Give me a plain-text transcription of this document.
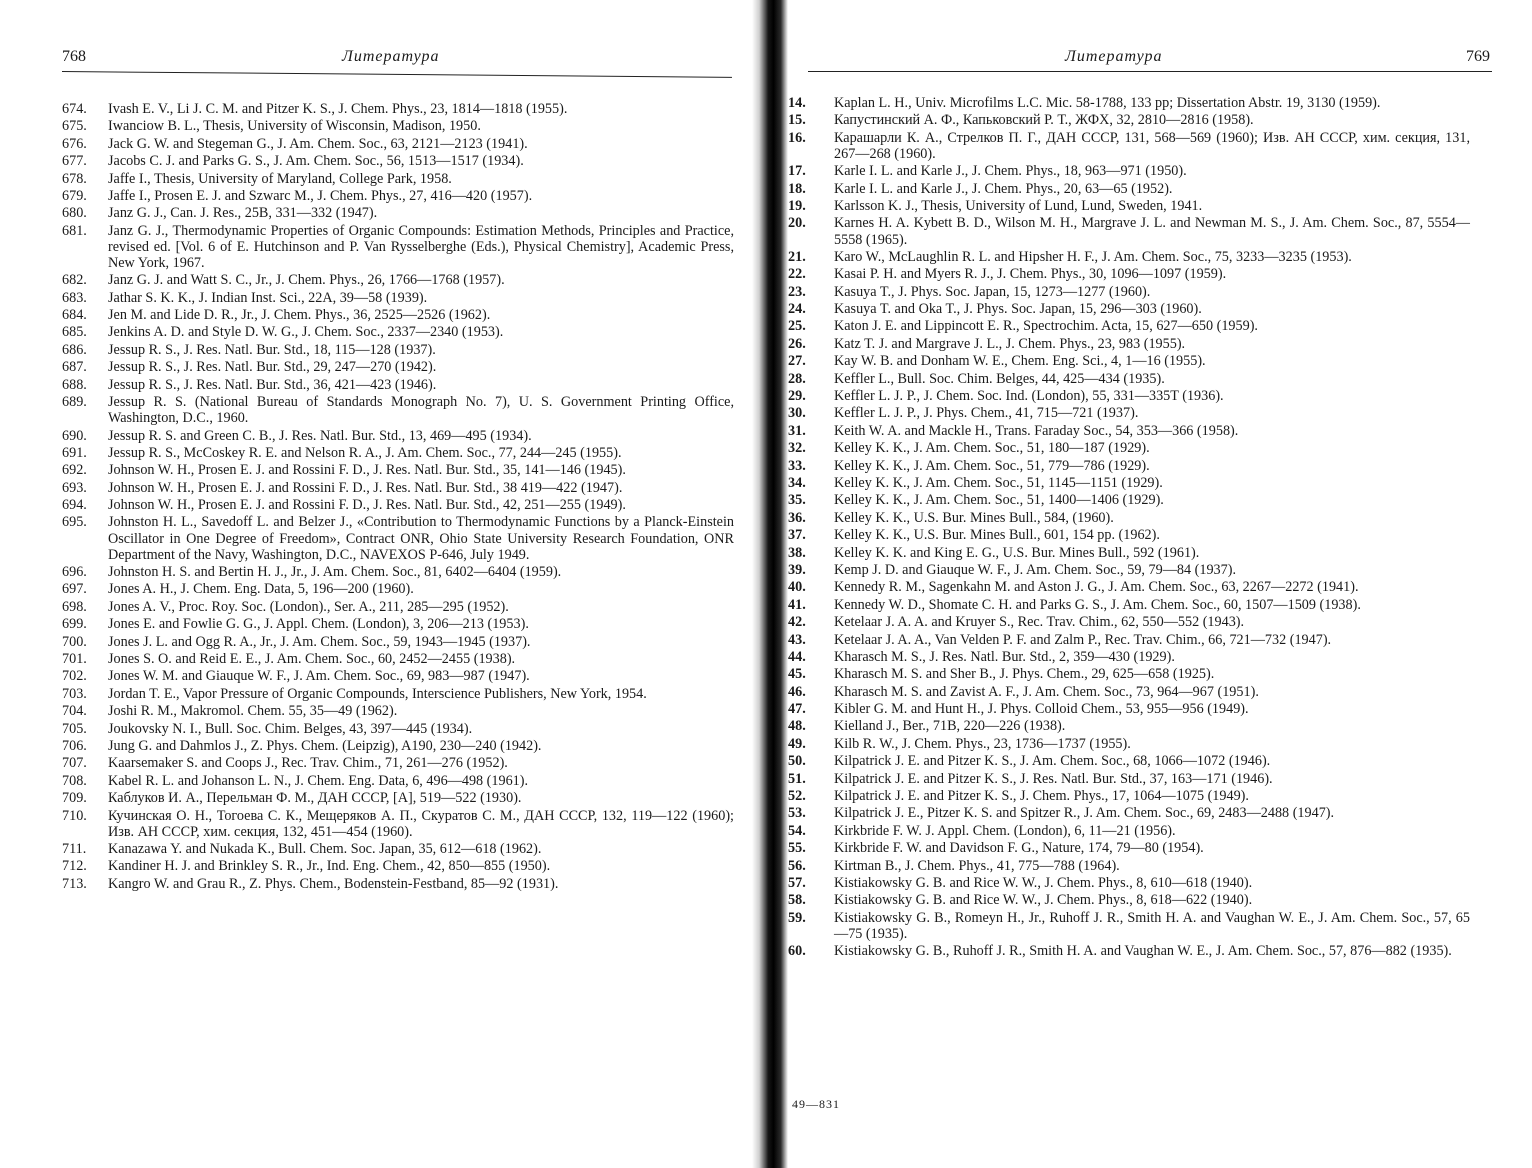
768	Литература
674. Ivash E. V., Li J. C. M. and Pitzer K. S., J. Chem. Phys., 23, 1814—1818 (1955).
675. Iwanciow B. L., Thesis, University of Wisconsin, Madison, 1950.
676. Jack G. W. and Stegeman G., J. Am. Chem. Soc., 63, 2121—2123 (1941).
677. Jacobs C. J. and Parks G. S., J. Am. Chem. Soc., 56, 1513—1517 (1934).
678. Jaffe I., Thesis, University of Maryland, College Park, 1958.
679. Jaffe I., Prosen E. J. and Szwarc M., J. Chem. Phys., 27, 416—420 (1957).
680. Janz G. J., Can. J. Res., 25B, 331—332 (1947).
681. Janz G. J., Thermodynamic Properties of Organic Compounds: Estimation Methods, Principles and Practice, revised ed. [Vol. 6 of E. Hutchinson and P. Van Rysselberghe (Eds.), Physical Chemistry], Academic Press, New York, 1967.
682. Janz G. J. and Watt S. C., Jr., J. Chem. Phys., 26, 1766—1768 (1957).
683. Jathar S. K. K., J. Indian Inst. Sci., 22A, 39—58 (1939).
684. Jen M. and Lide D. R., Jr., J. Chem. Phys., 36, 2525—2526 (1962).
685. Jenkins A. D. and Style D. W. G., J. Chem. Soc., 2337—2340 (1953).
686. Jessup R. S., J. Res. Natl. Bur. Std., 18, 115—128 (1937).
687. Jessup R. S., J. Res. Natl. Bur. Std., 29, 247—270 (1942).
688. Jessup R. S., J. Res. Natl. Bur. Std., 36, 421—423 (1946).
689. Jessup R. S. (National Bureau of Standards Monograph No. 7), U. S. Government Printing Office, Washington, D.C., 1960.
690. Jessup R. S. and Green C. B., J. Res. Natl. Bur. Std., 13, 469—495 (1934).
691. Jessup R. S., McCoskey R. E. and Nelson R. A., J. Am. Chem. Soc., 77, 244—245 (1955).
692. Johnson W. H., Prosen E. J. and Rossini F. D., J. Res. Natl. Bur. Std., 35, 141—146 (1945).
693. Johnson W. H., Prosen E. J. and Rossini F. D., J. Res. Natl. Bur. Std., 38 419—422 (1947).
694. Johnson W. H., Prosen E. J. and Rossini F. D., J. Res. Natl. Bur. Std., 42, 251—255 (1949).
695. Johnston H. L., Savedoff L. and Belzer J., «Contribution to Thermodynamic Functions by a Planck-Einstein Oscillator in One Degree of Freedom», Contract ONR, Ohio State University Research Foundation, ONR Department of the Navy, Washington, D.C., NAVEXOS P-646, July 1949.
696. Johnston H. S. and Bertin H. J., Jr., J. Am. Chem. Soc., 81, 6402—6404 (1959).
697. Jones A. H., J. Chem. Eng. Data, 5, 196—200 (1960).
698. Jones A. V., Proc. Roy. Soc. (London)., Ser. A., 211, 285—295 (1952).
699. Jones E. and Fowlie G. G., J. Appl. Chem. (London), 3, 206—213 (1953).
700. Jones J. L. and Ogg R. A., Jr., J. Am. Chem. Soc., 59, 1943—1945 (1937).
701. Jones S. O. and Reid E. E., J. Am. Chem. Soc., 60, 2452—2455 (1938).
702. Jones W. M. and Giauque W. F., J. Am. Chem. Soc., 69, 983—987 (1947).
703. Jordan T. E., Vapor Pressure of Organic Compounds, Interscience Publishers, New York, 1954.
704. Joshi R. M., Makromol. Chem. 55, 35—49 (1962).
705. Joukovsky N. I., Bull. Soc. Chim. Belges, 43, 397—445 (1934).
706. Jung G. and Dahmlos J., Z. Phys. Chem. (Leipzig), A190, 230—240 (1942).
707. Kaarsemaker S. and Coops J., Rec. Trav. Chim., 71, 261—276 (1952).
708. Kabel R. L. and Johanson L. N., J. Chem. Eng. Data, 6, 496—498 (1961).
709. Каблуков И. А., Перельман Ф. М., ДАН СССР, [А], 519—522 (1930).
710. Кучинская О. Н., Тогоева С. К., Мещеряков А. П., Скуратов С. М., ДАН СССР, 132, 119—122 (1960); Изв. АН СССР, хим. секция, 132, 451—454 (1960).
711. Kanazawa Y. and Nukada K., Bull. Chem. Soc. Japan, 35, 612—618 (1962).
712. Kandiner H. J. and Brinkley S. R., Jr., Ind. Eng. Chem., 42, 850—855 (1950).
713. Kangro W. and Grau R., Z. Phys. Chem., Bodenstein-Festband, 85—92 (1931).
Литература	769
14. Kaplan L. H., Univ. Microfilms L.C. Mic. 58-1788, 133 pp; Dissertation Abstr. 19, 3130 (1959).
15. Капустинский А. Ф., Капьковский Р. Т., ЖФХ, 32, 2810—2816 (1958).
16. Карашарли К. А., Стрелков П. Г., ДАН СССР, 131, 568—569 (1960); Изв. АН СССР, хим. секция, 131, 267—268 (1960).
17. Karle I. L. and Karle J., J. Chem. Phys., 18, 963—971 (1950).
18. Karle I. L. and Karle J., J. Chem. Phys., 20, 63—65 (1952).
19. Karlsson K. J., Thesis, University of Lund, Lund, Sweden, 1941.
20. Karnes H. A. Kybett B. D., Wilson M. H., Margrave J. L. and Newman M. S., J. Am. Chem. Soc., 87, 5554—5558 (1965).
21. Karo W., McLaughlin R. L. and Hipsher H. F., J. Am. Chem. Soc., 75, 3233—3235 (1953).
22. Kasai P. H. and Myers R. J., J. Chem. Phys., 30, 1096—1097 (1959).
23. Kasuya T., J. Phys. Soc. Japan, 15, 1273—1277 (1960).
24. Kasuya T. and Oka T., J. Phys. Soc. Japan, 15, 296—303 (1960).
25. Katon J. E. and Lippincott E. R., Spectrochim. Acta, 15, 627—650 (1959).
26. Katz T. J. and Margrave J. L., J. Chem. Phys., 23, 983 (1955).
27. Kay W. B. and Donham W. E., Chem. Eng. Sci., 4, 1—16 (1955).
28. Keffler L., Bull. Soc. Chim. Belges, 44, 425—434 (1935).
29. Keffler L. J. P., J. Chem. Soc. Ind. (London), 55, 331—335T (1936).
30. Keffler L. J. P., J. Phys. Chem., 41, 715—721 (1937).
31. Keith W. A. and Mackle H., Trans. Faraday Soc., 54, 353—366 (1958).
32. Kelley K. K., J. Am. Chem. Soc., 51, 180—187 (1929).
33. Kelley K. K., J. Am. Chem. Soc., 51, 779—786 (1929).
34. Kelley K. K., J. Am. Chem. Soc., 51, 1145—1151 (1929).
35. Kelley K. K., J. Am. Chem. Soc., 51, 1400—1406 (1929).
36. Kelley K. K., U.S. Bur. Mines Bull., 584, (1960).
37. Kelley K. K., U.S. Bur. Mines Bull., 601, 154 pp. (1962).
38. Kelley K. K. and King E. G., U.S. Bur. Mines Bull., 592 (1961).
39. Kemp J. D. and Giauque W. F., J. Am. Chem. Soc., 59, 79—84 (1937).
40. Kennedy R. M., Sagenkahn M. and Aston J. G., J. Am. Chem. Soc., 63, 2267—2272 (1941).
41. Kennedy W. D., Shomate C. H. and Parks G. S., J. Am. Chem. Soc., 60, 1507—1509 (1938).
42. Ketelaar J. A. A. and Kruyer S., Rec. Trav. Chim., 62, 550—552 (1943).
43. Ketelaar J. A. A., Van Velden P. F. and Zalm P., Rec. Trav. Chim., 66, 721—732 (1947).
44. Kharasch M. S., J. Res. Natl. Bur. Std., 2, 359—430 (1929).
45. Kharasch M. S. and Sher B., J. Phys. Chem., 29, 625—658 (1925).
46. Kharasch M. S. and Zavist A. F., J. Am. Chem. Soc., 73, 964—967 (1951).
47. Kibler G. M. and Hunt H., J. Phys. Colloid Chem., 53, 955—956 (1949).
48. Kielland J., Ber., 71B, 220—226 (1938).
49. Kilb R. W., J. Chem. Phys., 23, 1736—1737 (1955).
50. Kilpatrick J. E. and Pitzer K. S., J. Am. Chem. Soc., 68, 1066—1072 (1946).
51. Kilpatrick J. E. and Pitzer K. S., J. Res. Natl. Bur. Std., 37, 163—171 (1946).
52. Kilpatrick J. E. and Pitzer K. S., J. Chem. Phys., 17, 1064—1075 (1949).
53. Kilpatrick J. E., Pitzer K. S. and Spitzer R., J. Am. Chem. Soc., 69, 2483—2488 (1947).
54. Kirkbride F. W. J. Appl. Chem. (London), 6, 11—21 (1956).
55. Kirkbride F. W. and Davidson F. G., Nature, 174, 79—80 (1954).
56. Kirtman B., J. Chem. Phys., 41, 775—788 (1964).
57. Kistiakowsky G. B. and Rice W. W., J. Chem. Phys., 8, 610—618 (1940).
58. Kistiakowsky G. B. and Rice W. W., J. Chem. Phys., 8, 618—622 (1940).
59. Kistiakowsky G. B., Romeyn H., Jr., Ruhoff J. R., Smith H. A. and Vaughan W. E., J. Am. Chem. Soc., 57, 65—75 (1935).
60. Kistiakowsky G. B., Ruhoff J. R., Smith H. A. and Vaughan W. E., J. Am. Chem. Soc., 57, 876—882 (1935).
49—831
